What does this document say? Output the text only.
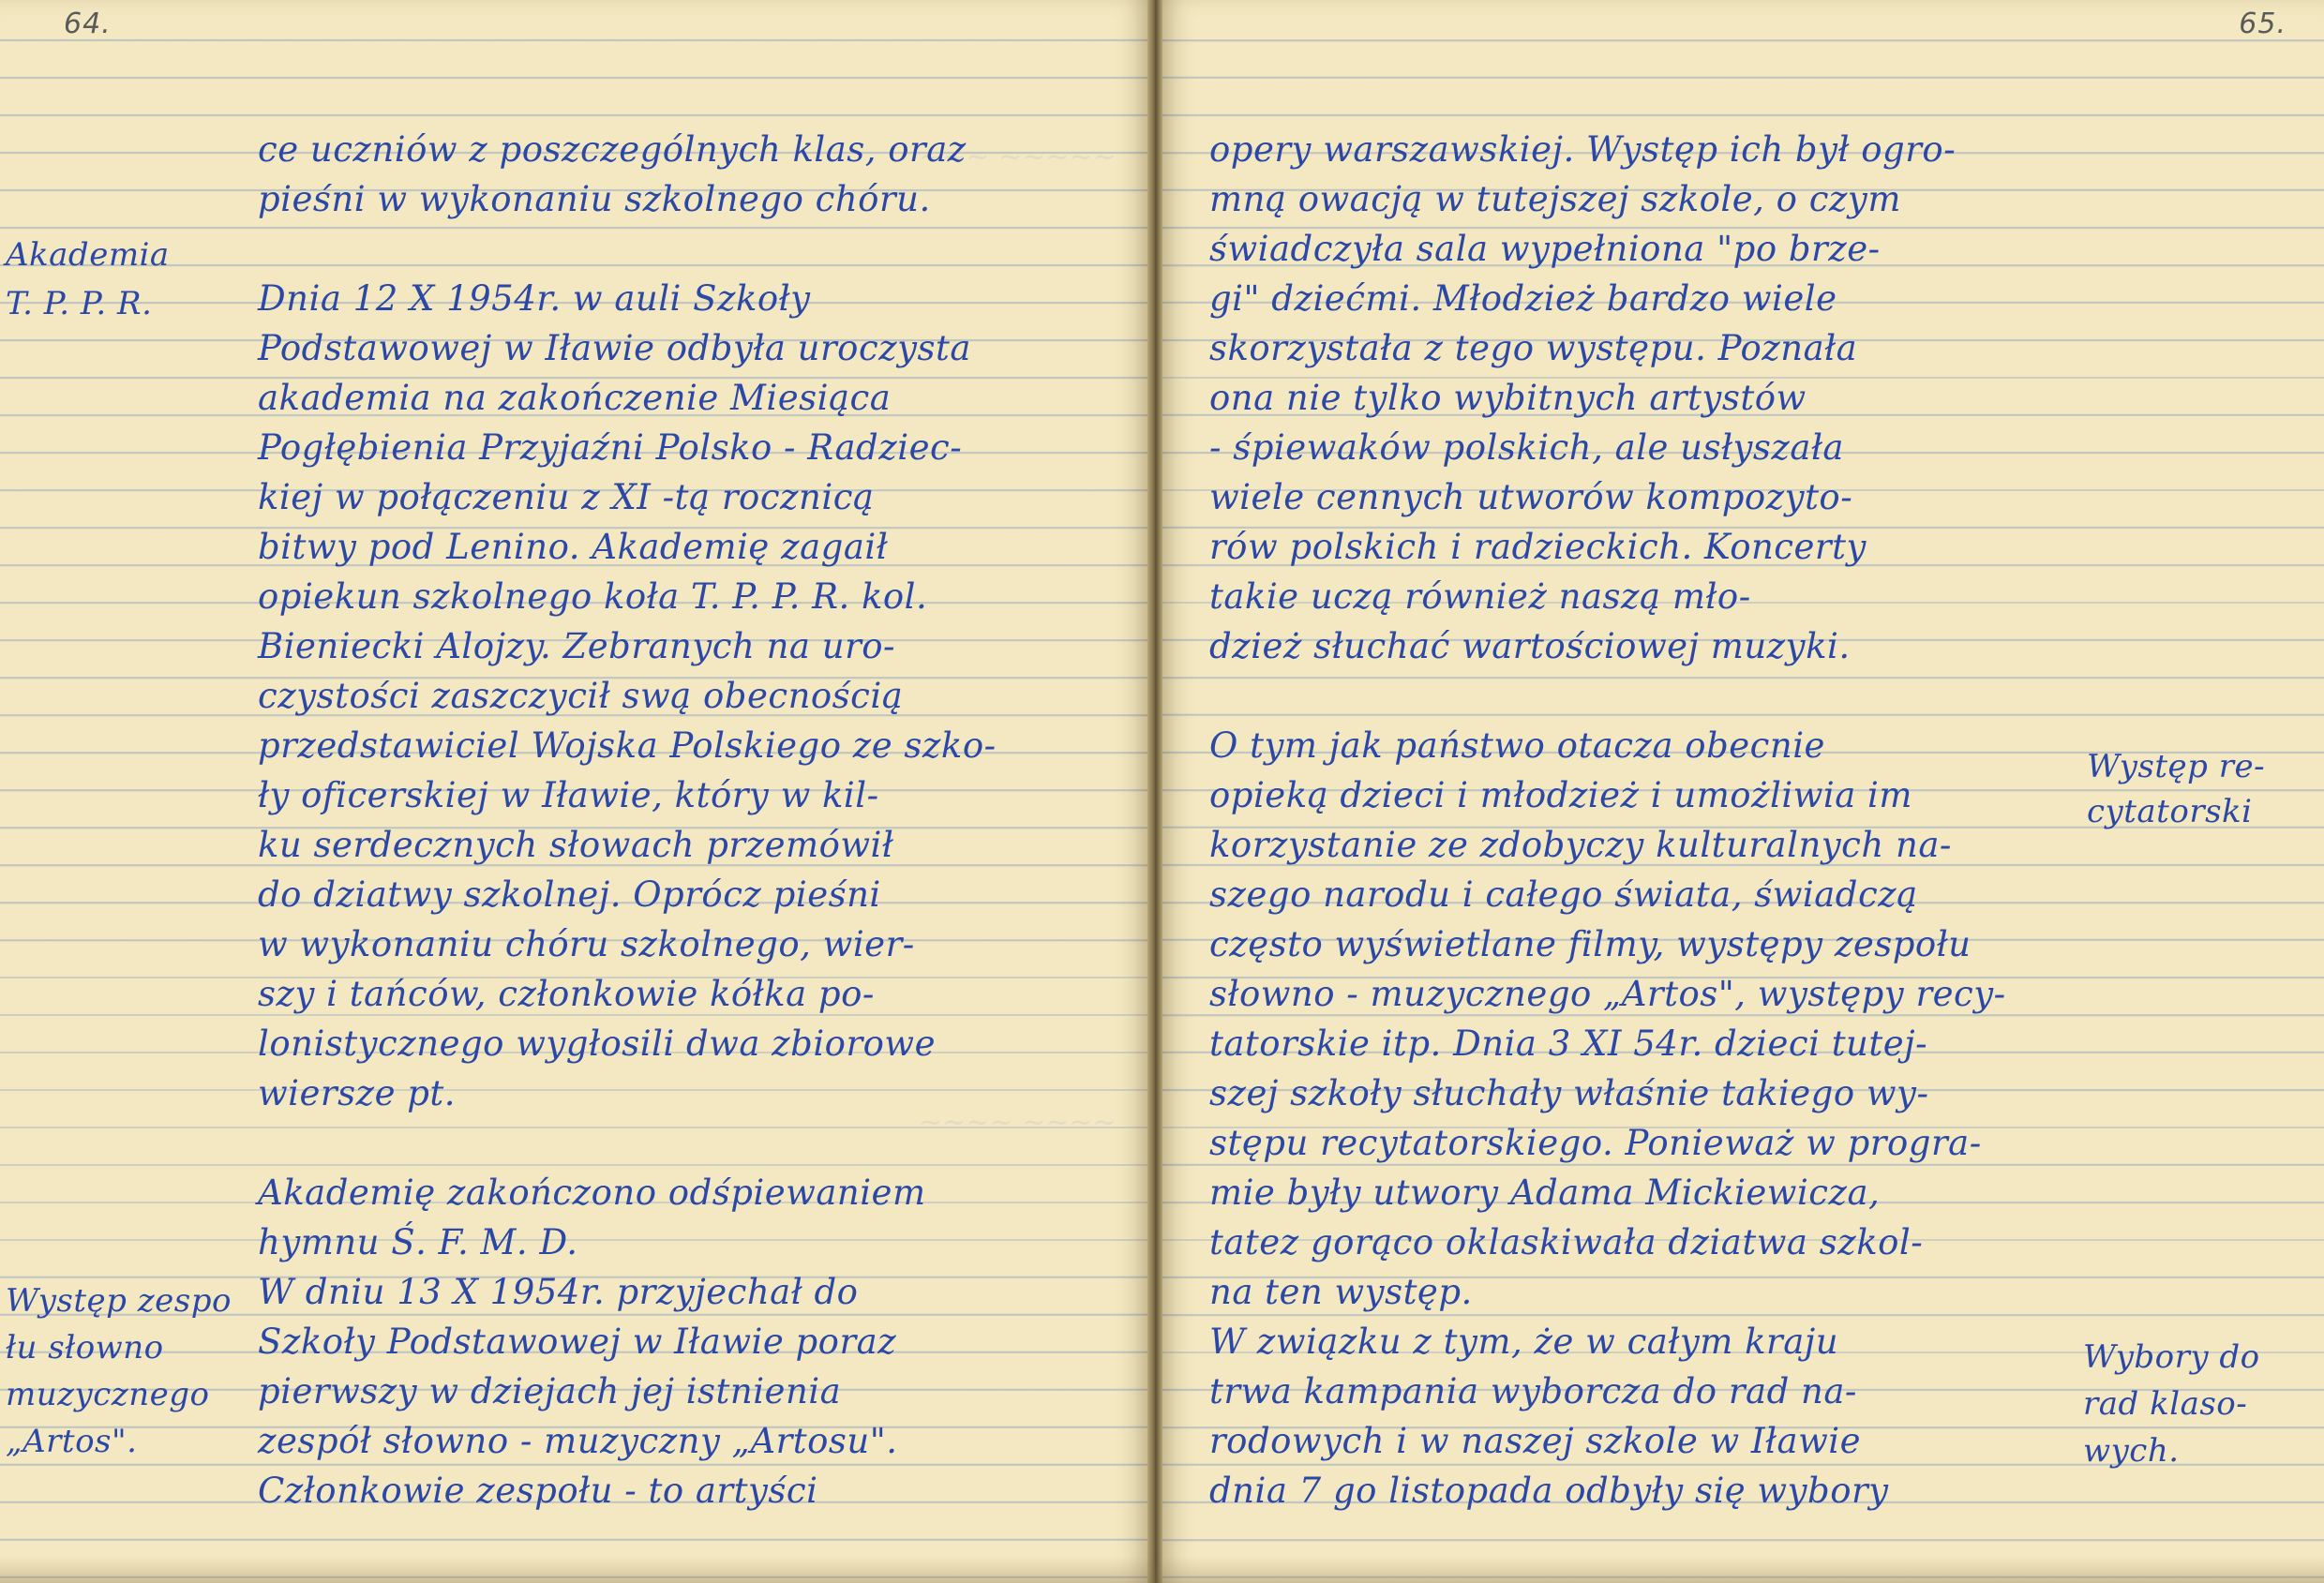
~~~ ~~~~~
~~~~ ~~~~
64.
Akademia
T. P. P. R.
Występ zespo
łu słowno
muzycznego
„Artos".
ce uczniów z poszczególnych klas, oraz
pieśni w wykonaniu szkolnego chóru.
Dnia 12 X 1954r. w auli Szkoły
Podstawowej w Iławie odbyła uroczysta
akademia na zakończenie Miesiąca
Pogłębienia Przyjaźni Polsko - Radziec-
kiej w połączeniu z XI -tą rocznicą
bitwy pod Lenino. Akademię zagaił
opiekun szkolnego koła T. P. P. R. kol.
Bieniecki Alojzy. Zebranych na uro-
czystości zaszczycił swą obecnością
przedstawiciel Wojska Polskiego ze szko-
ły oficerskiej w Iławie, który w kil-
ku serdecznych słowach przemówił
do dziatwy szkolnej. Oprócz pieśni
w wykonaniu chóru szkolnego, wier-
szy i tańców, członkowie kółka po-
lonistycznego wygłosili dwa zbiorowe
wiersze pt.
Akademię zakończono odśpiewaniem
hymnu Ś. F. M. D.
W dniu 13 X 1954r. przyjechał do
Szkoły Podstawowej w Iławie poraz
pierwszy w dziejach jej istnienia
zespół słowno - muzyczny „Artosu".
Członkowie zespołu - to artyści
65.
opery warszawskiej. Występ ich był ogro-
mną owacją w tutejszej szkole, o czym
świadczyła sala wypełniona "po brze-
gi" dziećmi. Młodzież bardzo wiele
skorzystała z tego występu. Poznała
ona nie tylko wybitnych artystów
- śpiewaków polskich, ale usłyszała
wiele cennych utworów kompozyto-
rów polskich i radzieckich. Koncerty
takie uczą również naszą mło-
dzież słuchać wartościowej muzyki.
O tym jak państwo otacza obecnie
opieką dzieci i młodzież i umożliwia im
korzystanie ze zdobyczy kulturalnych na-
szego narodu i całego świata, świadczą
często wyświetlane filmy, występy zespołu
słowno - muzycznego „Artos", występy recy-
tatorskie itp. Dnia 3 XI 54r. dzieci tutej-
szej szkoły słuchały właśnie takiego wy-
stępu recytatorskiego. Ponieważ w progra-
mie były utwory Adama Mickiewicza,
tatez gorąco oklaskiwała dziatwa szkol-
na ten występ.
W związku z tym, że w całym kraju
trwa kampania wyborcza do rad na-
rodowych i w naszej szkole w Iławie
dnia 7 go listopada odbyły się wybory
Występ re-
cytatorski
Wybory do
rad klaso-
wych.
